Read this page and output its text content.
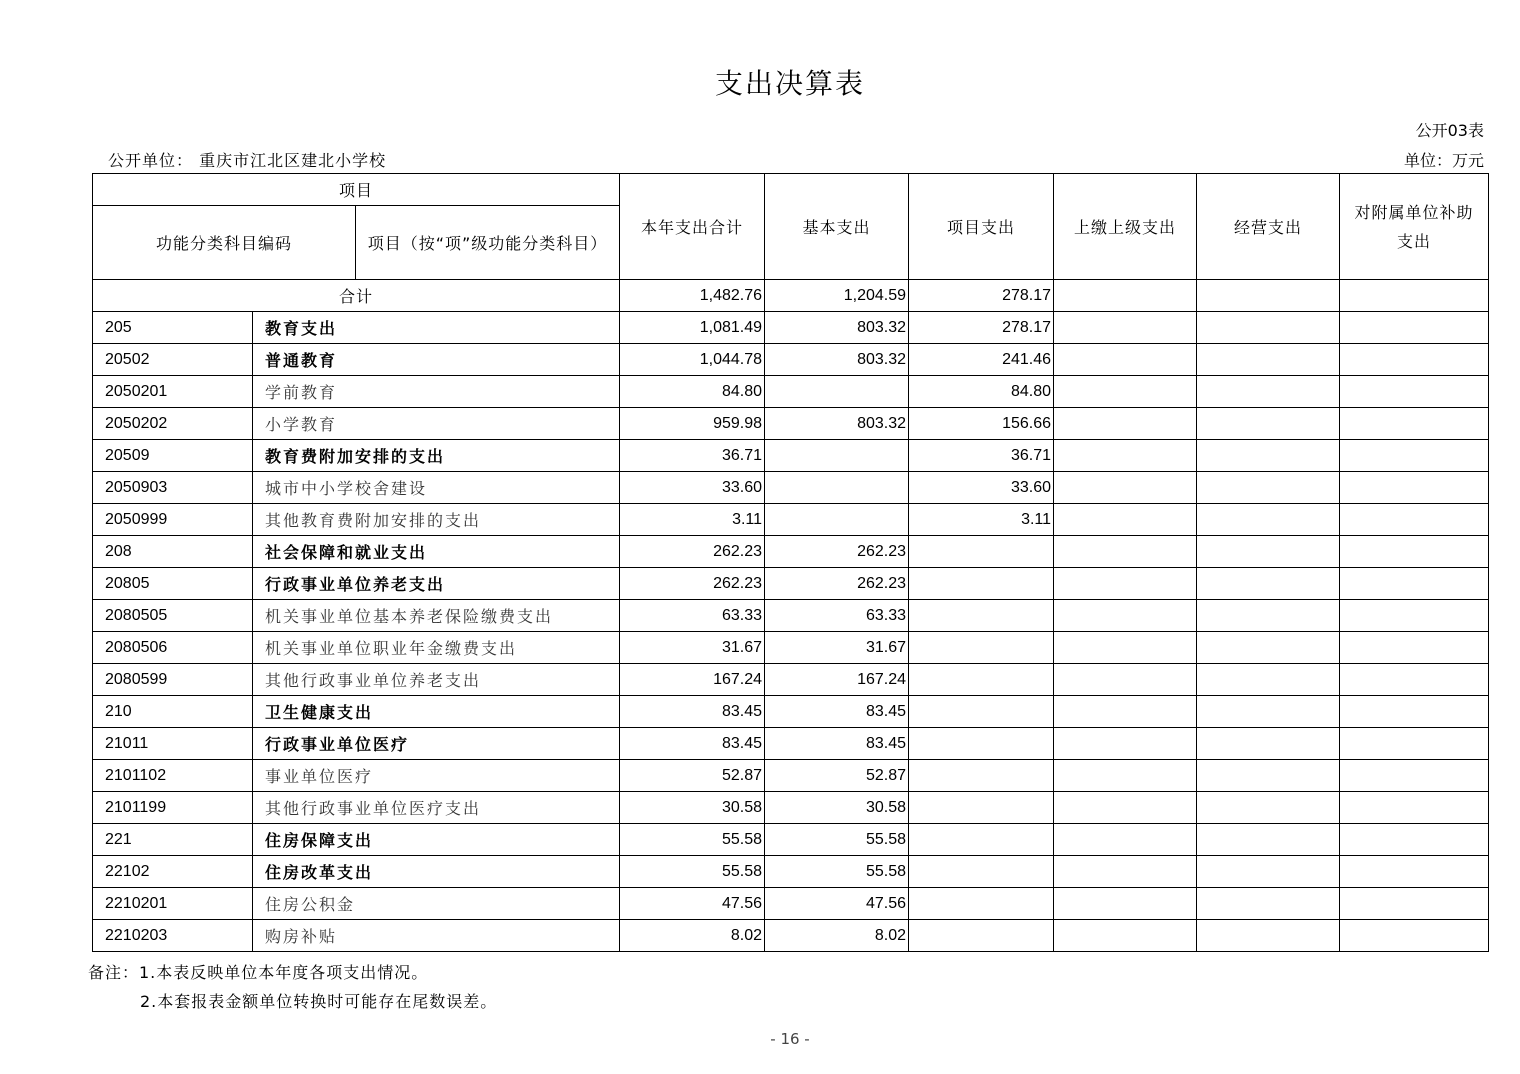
支出决算表
公开03表
公开单位： 重庆市江北区建北小学校	单位：万元
项目			本年支出合计	基本支出	项目支出	上缴上级支出	经营支出	对附属单位补助支出
功能分类科目编码		项目（按“项”级功能分类科目）						
合计			1,482.76	1,204.59	278.17			
205	教育支出		1,081.49	803.32	278.17			
20502	普通教育		1,044.78	803.32	241.46			
2050201	学前教育		84.80		84.80			
2050202	小学教育		959.98	803.32	156.66			
20509	教育费附加安排的支出		36.71		36.71			
2050903	城市中小学校舍建设		33.60		33.60			
2050999	其他教育费附加安排的支出		3.11		3.11			
208	社会保障和就业支出		262.23	262.23				
20805	行政事业单位养老支出		262.23	262.23				
2080505	机关事业单位基本养老保险缴费支出		63.33	63.33				
2080506	机关事业单位职业年金缴费支出		31.67	31.67				
2080599	其他行政事业单位养老支出		167.24	167.24				
210	卫生健康支出		83.45	83.45				
21011	行政事业单位医疗		83.45	83.45				
2101102	事业单位医疗		52.87	52.87				
2101199	其他行政事业单位医疗支出		30.58	30.58				
221	住房保障支出		55.58	55.58				
22102	住房改革支出		55.58	55.58				
2210201	住房公积金		47.56	47.56				
2210203	购房补贴		8.02	8.02				
备注：1.本表反映单位本年度各项支出情况。
2.本套报表金额单位转换时可能存在尾数误差。
- 16 -
